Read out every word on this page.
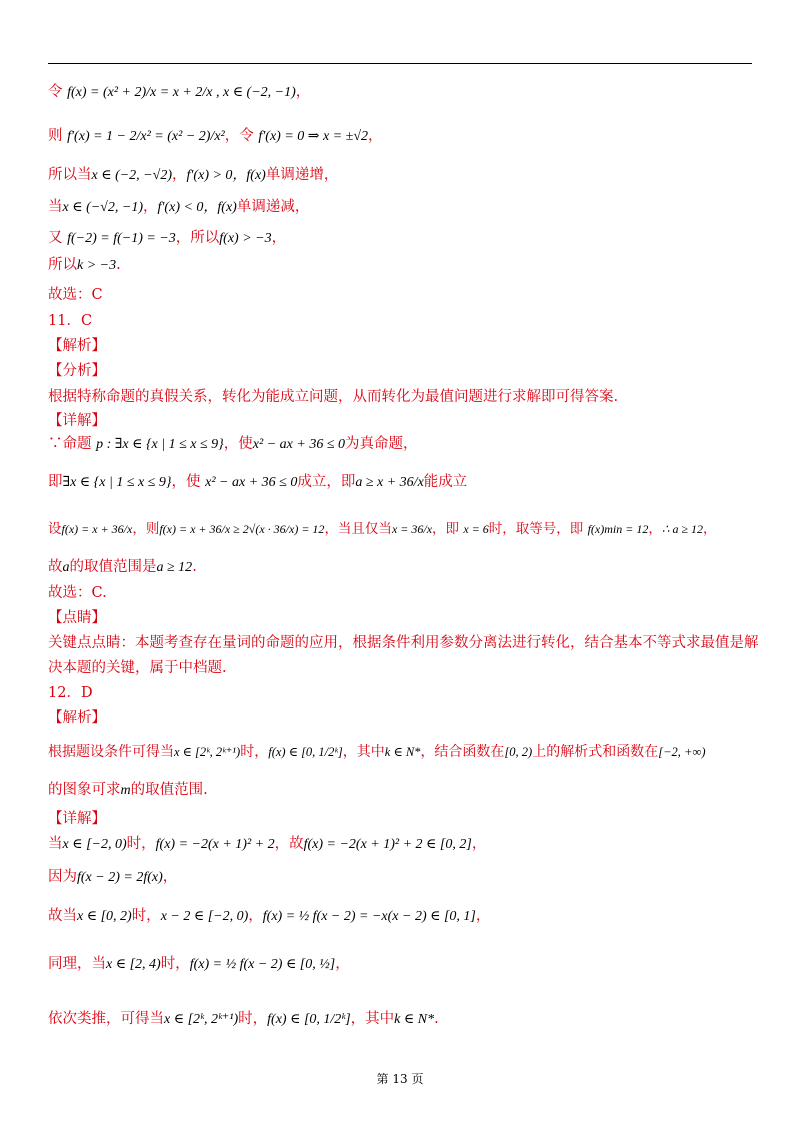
令 f(x) = (x² + 2)/x = x + 2/x , x ∈ (−2, −1)，
则 f′(x) = 1 − 2/x² = (x² − 2)/x²，令 f′(x) = 0 ⇒ x = ±√2，
所以当x ∈ (−2, −√2)，f′(x) > 0，f(x)单调递增，
当x ∈ (−√2, −1)，f′(x) < 0，f(x)单调递减，
又 f(−2) = f(−1) = −3，所以f(x) > −3，
所以k > −3.
故选：C
11．C
【解析】
【分析】
根据特称命题的真假关系，转化为能成立问题，从而转化为最值问题进行求解即可得答案.
【详解】
∵命题 p : ∃x ∈ {x | 1 ≤ x ≤ 9}，使x² − ax + 36 ≤ 0为真命题，
即∃x ∈ {x | 1 ≤ x ≤ 9}，使 x² − ax + 36 ≤ 0成立，即a ≥ x + 36/x能成立
设f(x) = x + 36/x，则f(x) = x + 36/x ≥ 2√(x · 36/x) = 12，当且仅当x = 36/x，即 x = 6时，取等号，即 f(x)min = 12，∴ a ≥ 12，
故a的取值范围是a ≥ 12.
故选：C.
【点睛】
关键点点睛：本题考查存在量词的命题的应用，根据条件利用参数分离法进行转化，结合基本不等式求最值是解
决本题的关键，属于中档题.
12．D
【解析】
根据题设条件可得当x ∈ [2ᵏ, 2ᵏ⁺¹)时，f(x) ∈ [0, 1/2ᵏ]，其中k ∈ N*，结合函数在[0, 2)上的解析式和函数在[−2, +∞)
的图象可求m的取值范围.
【详解】
当x ∈ [−2, 0)时，f(x) = −2(x + 1)² + 2，故f(x) = −2(x + 1)² + 2 ∈ [0, 2]，
因为f(x − 2) = 2f(x)，
故当x ∈ [0, 2)时，x − 2 ∈ [−2, 0)，f(x) = ½ f(x − 2) = −x(x − 2) ∈ [0, 1]，
同理，当x ∈ [2, 4)时，f(x) = ½ f(x − 2) ∈ [0, ½]，
依次类推，可得当x ∈ [2ᵏ, 2ᵏ⁺¹)时，f(x) ∈ [0, 1/2ᵏ]，其中k ∈ N*.
第 13 页
